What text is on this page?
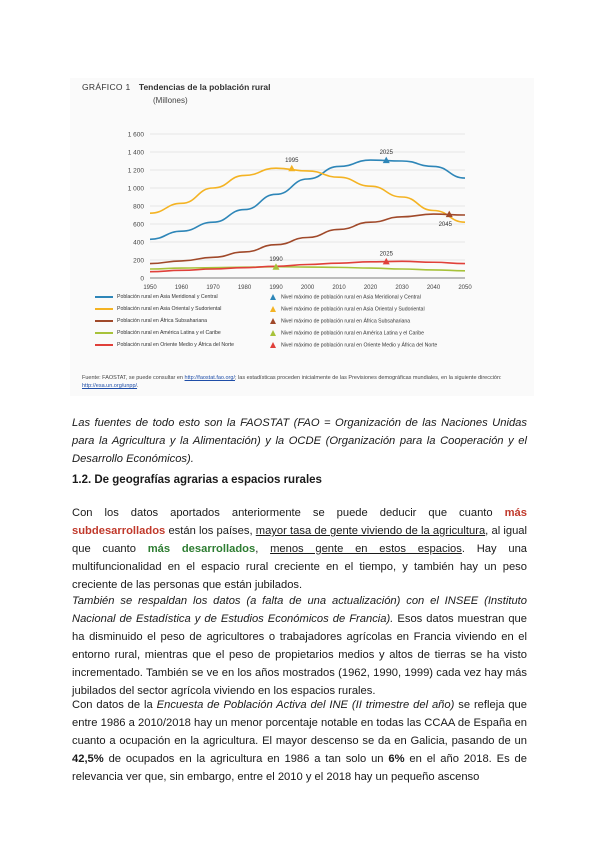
GRÁFICO 1 Tendencias de la población rural
(Millones)
0
200
400
600
800
1 000
1 200
1 400
1 600
1950	1960	1970	1980	1990	2000	2010	2020	2030	2040	2050
2025
1995
2045
1990
2025
Población rural en Asia Meridional y Central
Población rural en Asia Oriental y Sudoriental
Población rural en África Subsahariana
Población rural en América Latina y el Caribe
Población rural en Oriente Medio y África del Norte
Nivel máximo de población rural en Asia Meridional y Central
Nivel máximo de población rural en Asia Oriental y Sudoriental
Nivel máximo de población rural en África Subsahariana
Nivel máximo de población rural en América Latina y el Caribe
Nivel máximo de población rural en Oriente Medio y África del Norte
Fuente: FAOSTAT, se puede consultar en http://faostat.fao.org/; las estadísticas proceden inicialmente de las Previsiones demográficas mundiales, en la siguiente dirección: http://esa.un.org/unpp/.
Las fuentes de todo esto son la FAOSTAT (FAO = Organización de las Naciones Unidas para la Agricultura y la Alimentación) y la OCDE (Organización para la Cooperación y el Desarrollo Económicos).
1.2. De geografías agrarias a espacios rurales
Con los datos aportados anteriormente se puede deducir que cuanto más subdesarrollados están los países, mayor tasa de gente viviendo de la agricultura, al igual que cuanto más desarrollados, menos gente en estos espacios. Hay una multifuncionalidad en el espacio rural creciente en el tiempo, y también hay un peso creciente de las personas que están jubilados.
También se respaldan los datos (a falta de una actualización) con el INSEE (Instituto Nacional de Estadística y de Estudios Económicos de Francia). Esos datos muestran que ha disminuido el peso de agricultores o trabajadores agrícolas en Francia viviendo en el entorno rural, mientras que el peso de propietarios medios y altos de tierras se ha visto incrementado. También se ve en los años mostrados (1962, 1990, 1999) cada vez hay más jubilados del sector agrícola viviendo en los espacios rurales.
Con datos de la Encuesta de Población Activa del INE (II trimestre del año) se refleja que entre 1986 a 2010/2018 hay un menor porcentaje notable en todas las CCAA de España en cuanto a ocupación en la agricultura. El mayor descenso se da en Galicia, pasando de un 42,5% de ocupados en la agricultura en 1986 a tan solo un 6% en el año 2018. Es de relevancia ver que, sin embargo, entre el 2010 y el 2018 hay un pequeño ascenso
